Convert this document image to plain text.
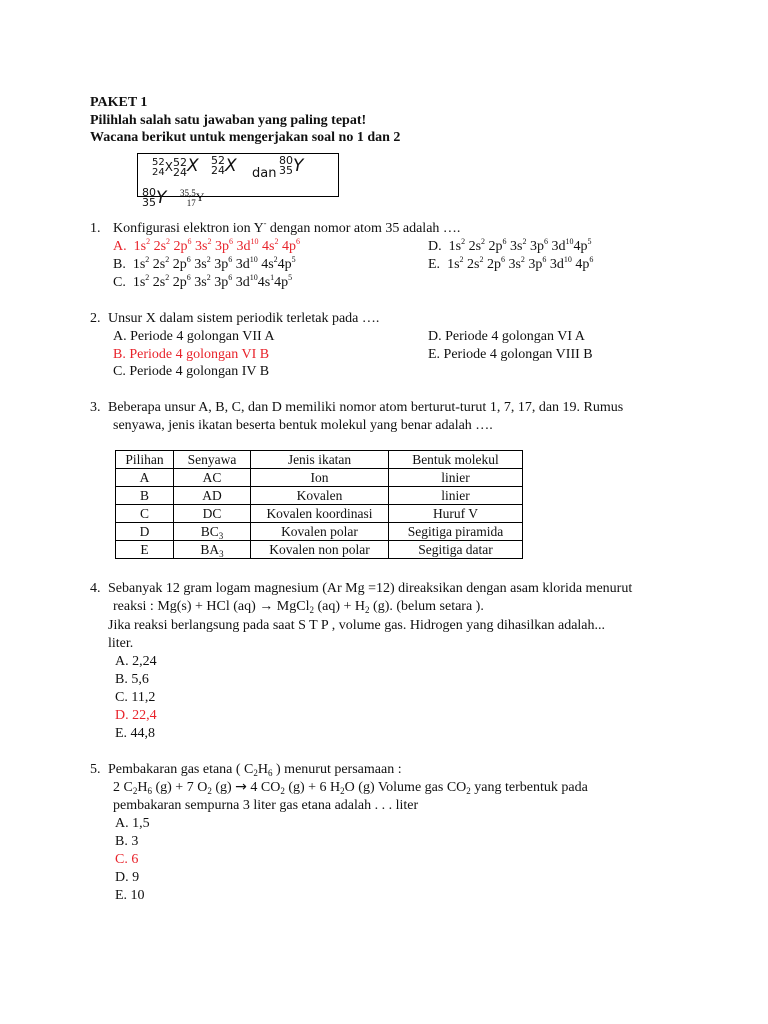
PAKET 1
Pilihlah salah satu jawaban yang paling tepat!
Wacana berikut untuk mengerjakan soal no 1 dan 2
52
24X52
24X 52
24X dan
80
35Y
80
35Y 35,5
17Y
1. Konfigurasi elektron ion Y- dengan nomor atom 35 adalah ….
A.  $1s^2$ $2s^2$ $2p^6$ $3s^2$ $3p^6$ $3d^{10}$ $4s^2$ $4p^6$
B.  $1s^2$ $2s^2$ $2p^6$ $3s^2$ $3p^6$ $3d^{10}$ $4s^24p^5$
C.  $1s^2$ $2s^2$ $2p^6$ $3s^2$ $3p^6$ $3d^{10}4s^14p^5$
D.  $1s^2$ $2s^2$ $2p^6$ $3s^2$ $3p^6$ $3d^{10}4p^5$
E.  $1s^2$ $2s^2$ $2p^6$ $3s^2$ $3p^6$ $3d^{10}$ $4p^6$
2. Unsur X dalam sistem periodik terletak pada ….
A. Periode 4 golongan VII A
B. Periode 4 golongan VI B
C. Periode 4 golongan IV B
D. Periode 4 golongan VI A
E. Periode 4 golongan VIII B
3. Beberapa unsur A, B, C, dan D memiliki nomor atom berturut-turut 1, 7, 17, dan 19. Rumus
senyawa, jenis ikatan beserta bentuk molekul yang benar adalah ….
Pilihan	Senyawa	Jenis ikatan	Bentuk molekul
A	AC	Ion	linier
B	AD	Kovalen	linier
C	DC	Kovalen koordinasi	Huruf V
D	$BC_3$	Kovalen polar	Segitiga piramida
E	$BA_3$	Kovalen non polar	Segitiga datar
4. Sebanyak 12 gram logam magnesium (Ar Mg =12) direaksikan dengan asam klorida menurut
reaksi : Mg(s) + HCl (aq) → MgCl$_2$ $(aq) + H_2$ (g). (belum setara ).
Jika reaksi berlangsung pada saat S T P , volume gas. Hidrogen yang dihasilkan adalah...
liter.
A. 2,24
B. 5,6
C. 11,2
D. 22,4
E. 44,8
5. Pembakaran gas etana ( $C_2H_6$ ) menurut persamaan :
2 $C_2H_6$ (g) + 7 $O_2$ (g) → 4 $CO_2$ (g) + 6 $H_2O$ (g) Volume gas $CO_2$ yang terbentuk pada
pembakaran sempurna 3 liter gas etana adalah . . . liter
A. 1,5
B. 3
C. 6
D. 9
E. 10
